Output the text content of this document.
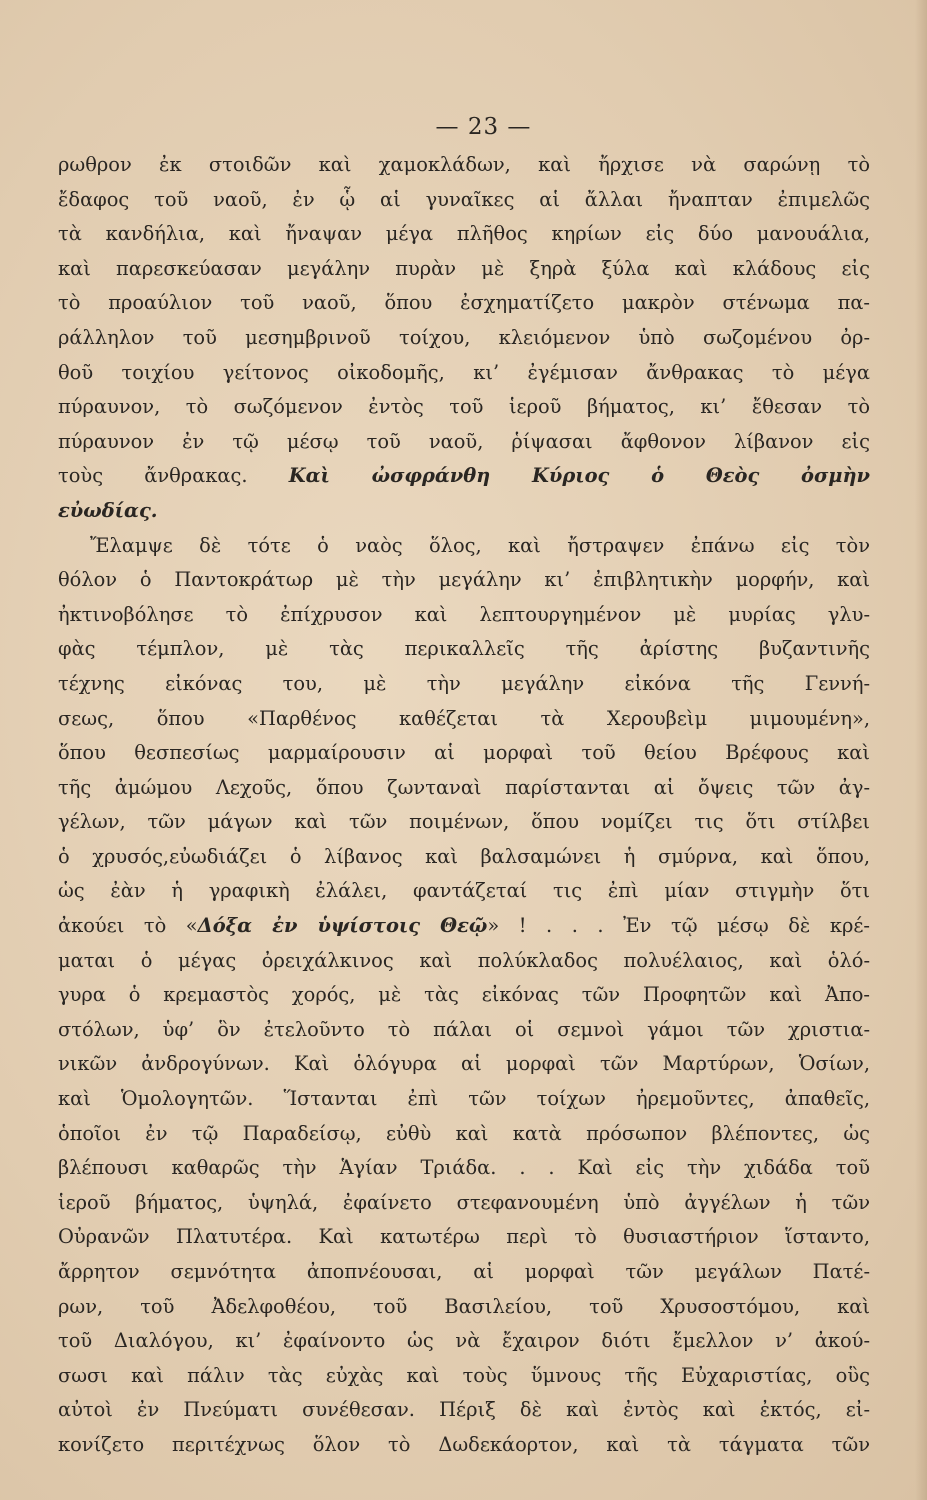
— 23 —
ρωθρον ἐκ στοιδῶν καὶ χαμοκλάδων, καὶ ἤρχισε νὰ σαρώνῃ τὸ
ἔδαφος τοῦ ναοῦ, ἐν ᾧ αἱ γυναῖκες αἱ ἄλλαι ἤναπταν ἐπιμελῶς
τὰ κανδήλια, καὶ ἤναψαν μέγα πλῆθος κηρίων εἰς δύο μανουάλια,
καὶ παρεσκεύασαν μεγάλην πυρὰν μὲ ξηρὰ ξύλα καὶ κλάδους εἰς
τὸ προαύλιον τοῦ ναοῦ, ὅπου ἐσχηματίζετο μακρὸν στένωμα πα-
ράλληλον τοῦ μεσημβρινοῦ τοίχου, κλειόμενον ὑπὸ σωζομένου ὀρ-
θοῦ τοιχίου γείτονος οἰκοδομῆς, κι’ ἐγέμισαν ἄνθρακας τὸ μέγα
πύραυνον, τὸ σωζόμενον ἐντὸς τοῦ ἱεροῦ βήματος, κι’ ἔθεσαν τὸ
πύραυνον ἐν τῷ μέσῳ τοῦ ναοῦ, ῥίψασαι ἄφθονον λίβανον εἰς
τοὺς ἄνθρακας. Καὶ ὠσφράνθη Κύριος ὁ Θεὸς ὀσμὴν
εὐωδίας.
Ἔλαμψε δὲ τότε ὁ ναὸς ὅλος, καὶ ἤστραψεν ἐπάνω εἰς τὸν
θόλον ὁ Παντοκράτωρ μὲ τὴν μεγάλην κι’ ἐπιβλητικὴν μορφήν, καὶ
ἠκτινοβόλησε τὸ ἐπίχρυσον καὶ λεπτουργημένον μὲ μυρίας γλυ-
φὰς τέμπλον, μὲ τὰς περικαλλεῖς τῆς ἀρίστης βυζαντινῆς
τέχνης εἰκόνας του, μὲ τὴν μεγάλην εἰκόνα τῆς Γεννή-
σεως, ὅπου «Παρθένος καθέζεται τὰ Χερουβεὶμ μιμουμένη»,
ὅπου θεσπεσίως μαρμαίρουσιν αἱ μορφαὶ τοῦ θείου Βρέφους καὶ
τῆς ἀμώμου Λεχοῦς, ὅπου ζωνταναὶ παρίστανται αἱ ὄψεις τῶν ἀγ-
γέλων, τῶν μάγων καὶ τῶν ποιμένων, ὅπου νομίζει τις ὅτι στίλβει
ὁ χρυσός,εὐωδιάζει ὁ λίβανος καὶ βαλσαμώνει ἡ σμύρνα, καὶ ὅπου,
ὡς ἐὰν ἡ γραφικὴ ἐλάλει, φαντάζεταί τις ἐπὶ μίαν στιγμὴν ὅτι
ἀκούει τὸ «Δόξα ἐν ὑψίστοις Θεῷ» ! . . . Ἐν τῷ μέσῳ δὲ κρέ-
μαται ὁ μέγας ὀρειχάλκινος καὶ πολύκλαδος πολυέλαιος, καὶ ὁλό-
γυρα ὁ κρεμαστὸς χορός, μὲ τὰς εἰκόνας τῶν Προφητῶν καὶ Ἀπο-
στόλων, ὑφ’ ὃν ἐτελοῦντο τὸ πάλαι οἱ σεμνοὶ γάμοι τῶν χριστια-
νικῶν ἀνδρογύνων. Καὶ ὁλόγυρα αἱ μορφαὶ τῶν Μαρτύρων, Ὁσίων,
καὶ Ὁμολογητῶν. Ἵστανται ἐπὶ τῶν τοίχων ἠρεμοῦντες, ἀπαθεῖς,
ὁποῖοι ἐν τῷ Παραδείσῳ, εὐθὺ καὶ κατὰ πρόσωπον βλέποντες, ὡς
βλέπουσι καθαρῶς τὴν Ἁγίαν Τριάδα. . . Καὶ εἰς τὴν χιδάδα τοῦ
ἱεροῦ βήματος, ὑψηλά, ἐφαίνετο στεφανουμένη ὑπὸ ἀγγέλων ἡ τῶν
Οὐρανῶν Πλατυτέρα. Καὶ κατωτέρω περὶ τὸ θυσιαστήριον ἵσταντο,
ἄρρητον σεμνότητα ἀποπνέουσαι, αἱ μορφαὶ τῶν μεγάλων Πατέ-
ρων, τοῦ Ἀδελφοθέου, τοῦ Βασιλείου, τοῦ Χρυσοστόμου, καὶ
τοῦ Διαλόγου, κι’ ἐφαίνοντο ὡς νὰ ἔχαιρον διότι ἔμελλον ν’ ἀκού-
σωσι καὶ πάλιν τὰς εὐχὰς καὶ τοὺς ὕμνους τῆς Εὐχαριστίας, οὓς
αὐτοὶ ἐν Πνεύματι συνέθεσαν. Πέριξ δὲ καὶ ἐντὸς καὶ ἐκτός, εἰ-
κονίζετο περιτέχνως ὅλον τὸ Δωδεκάορτον, καὶ τὰ τάγματα τῶν
